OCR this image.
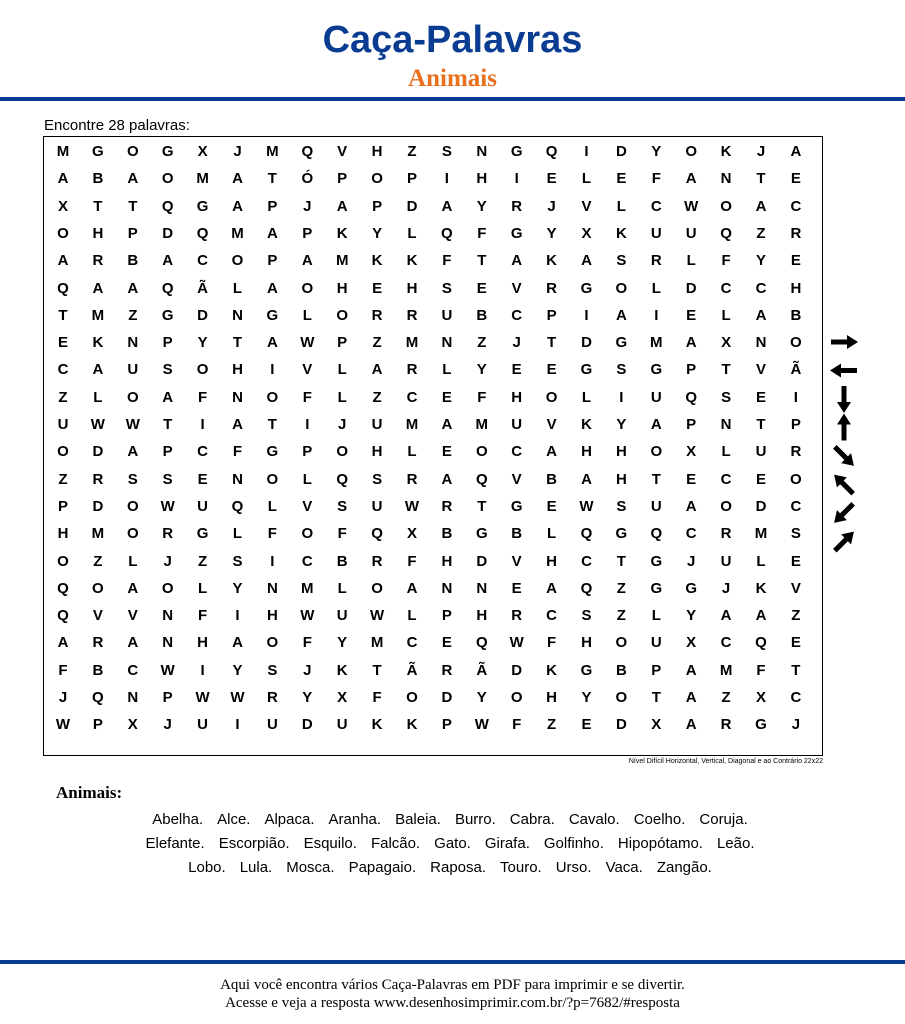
Caça-Palavras
Animais
Encontre 28 palavras:
M	G	O	G	X	J	M	Q	V	H	Z	S	N	G	Q	I	D	Y	O	K	J	A
A	B	A	O	M	A	T	Ó	P	O	P	I	H	I	E	L	E	F	A	N	T	E
X	T	T	Q	G	A	P	J	A	P	D	A	Y	R	J	V	L	C	W	O	A	C
O	H	P	D	Q	M	A	P	K	Y	L	Q	F	G	Y	X	K	U	U	Q	Z	R
A	R	B	A	C	O	P	A	M	K	K	F	T	A	K	A	S	R	L	F	Y	E
Q	A	A	Q	Ã	L	A	O	H	E	H	S	E	V	R	G	O	L	D	C	C	H
T	M	Z	G	D	N	G	L	O	R	R	U	B	C	P	I	A	I	E	L	A	B
E	K	N	P	Y	T	A	W	P	Z	M	N	Z	J	T	D	G	M	A	X	N	O
C	A	U	S	O	H	I	V	L	A	R	L	Y	E	E	G	S	G	P	T	V	Ã
Z	L	O	A	F	N	O	F	L	Z	C	E	F	H	O	L	I	U	Q	S	E	I
U	W	W	T	I	A	T	I	J	U	M	A	M	U	V	K	Y	A	P	N	T	P
O	D	A	P	C	F	G	P	O	H	L	E	O	C	A	H	H	O	X	L	U	R
Z	R	S	S	E	N	O	L	Q	S	R	A	Q	V	B	A	H	T	E	C	E	O
P	D	O	W	U	Q	L	V	S	U	W	R	T	G	E	W	S	U	A	O	D	C
H	M	O	R	G	L	F	O	F	Q	X	B	G	B	L	Q	G	Q	C	R	M	S
O	Z	L	J	Z	S	I	C	B	R	F	H	D	V	H	C	T	G	J	U	L	E
Q	O	A	O	L	Y	N	M	L	O	A	N	N	E	A	Q	Z	G	G	J	K	V
Q	V	V	N	F	I	H	W	U	W	L	P	H	R	C	S	Z	L	Y	A	A	Z
A	R	A	N	H	A	O	F	Y	M	C	E	Q	W	F	H	O	U	X	C	Q	E
F	B	C	W	I	Y	S	J	K	T	Ã	R	Ã	D	K	G	B	P	A	M	F	T
J	Q	N	P	W	W	R	Y	X	F	O	D	Y	O	H	Y	O	T	A	Z	X	C
W	P	X	J	U	I	U	D	U	K	K	P	W	F	Z	E	D	X	A	R	G	J
Nível Difícil Horizontal, Vertical, Diagonal e ao Contrário 22x22
Animais:
Abelha. Alce. Alpaca. Aranha. Baleia. Burro. Cabra. Cavalo. Coelho. Coruja.
Elefante. Escorpião. Esquilo. Falcão. Gato. Girafa. Golfinho. Hipopótamo. Leão.
Lobo. Lula. Mosca. Papagaio. Raposa. Touro. Urso. Vaca. Zangão.
Aqui você encontra vários Caça-Palavras em PDF para imprimir e se divertir.
Acesse e veja a resposta www.desenhosimprimir.com.br/?p=7682/#resposta
